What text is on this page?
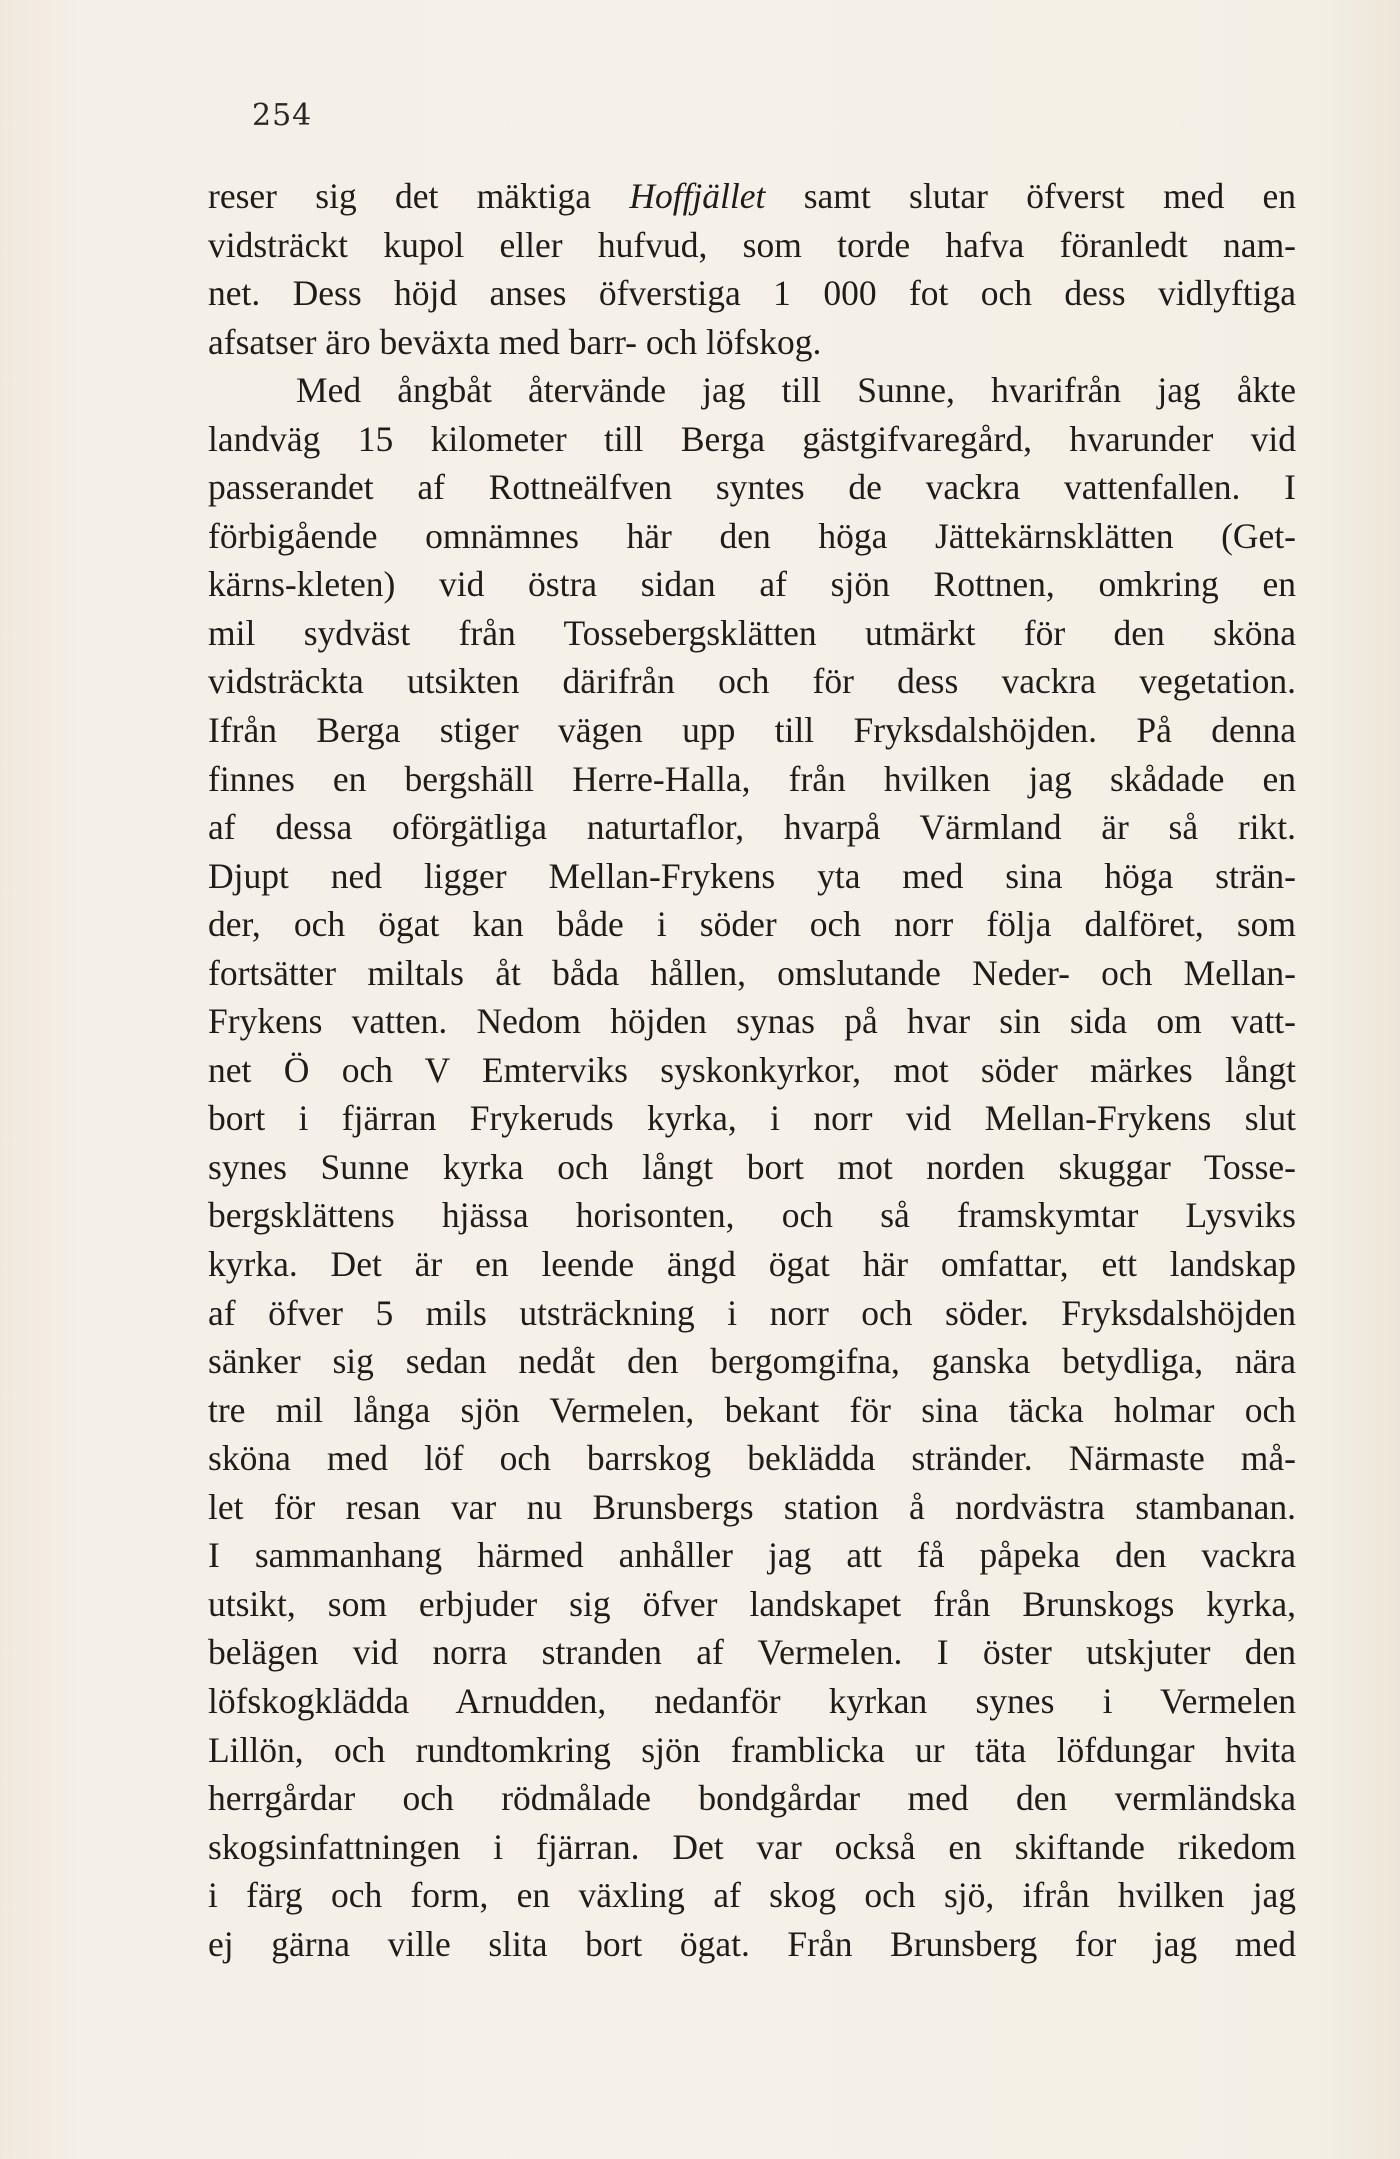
254
reser sig det mäktiga Hoffjället samt slutar öfverst med en
vidsträckt kupol eller hufvud, som torde hafva föranledt nam-
net. Dess höjd anses öfverstiga 1 000 fot och dess vidlyftiga
afsatser äro beväxta med barr- och löfskog.
Med ångbåt återvände jag till Sunne, hvarifrån jag åkte
landväg 15 kilometer till Berga gästgifvaregård, hvarunder vid
passerandet af Rottneälfven syntes de vackra vattenfallen. I
förbigående omnämnes här den höga Jättekärnsklätten (Get-
kärns-kleten) vid östra sidan af sjön Rottnen, omkring en
mil sydväst från Tossebergsklätten utmärkt för den sköna
vidsträckta utsikten därifrån och för dess vackra vegetation.
Ifrån Berga stiger vägen upp till Fryksdalshöjden. På denna
finnes en bergshäll Herre-Halla, från hvilken jag skådade en
af dessa oförgätliga naturtaflor, hvarpå Värmland är så rikt.
Djupt ned ligger Mellan-Frykens yta med sina höga strän-
der, och ögat kan både i söder och norr följa dalföret, som
fortsätter miltals åt båda hållen, omslutande Neder- och Mellan-
Frykens vatten. Nedom höjden synas på hvar sin sida om vatt-
net Ö och V Emterviks syskonkyrkor, mot söder märkes långt
bort i fjärran Frykeruds kyrka, i norr vid Mellan-Frykens slut
synes Sunne kyrka och långt bort mot norden skuggar Tosse-
bergsklättens hjässa horisonten, och så framskymtar Lysviks
kyrka. Det är en leende ängd ögat här omfattar, ett landskap
af öfver 5 mils utsträckning i norr och söder. Fryksdalshöjden
sänker sig sedan nedåt den bergomgifna, ganska betydliga, nära
tre mil långa sjön Vermelen, bekant för sina täcka holmar och
sköna med löf och barrskog beklädda stränder. Närmaste må-
let för resan var nu Brunsbergs station å nordvästra stambanan.
I sammanhang härmed anhåller jag att få påpeka den vackra
utsikt, som erbjuder sig öfver landskapet från Brunskogs kyrka,
belägen vid norra stranden af Vermelen. I öster utskjuter den
löfskogklädda Arnudden, nedanför kyrkan synes i Vermelen
Lillön, och rundtomkring sjön framblicka ur täta löfdungar hvita
herrgårdar och rödmålade bondgårdar med den vermländska
skogsinfattningen i fjärran. Det var också en skiftande rikedom
i färg och form, en växling af skog och sjö, ifrån hvilken jag
ej gärna ville slita bort ögat. Från Brunsberg for jag med
